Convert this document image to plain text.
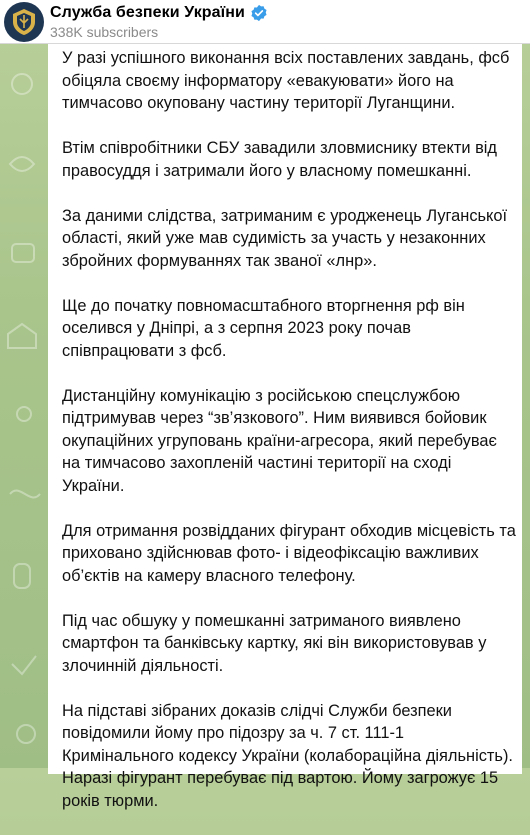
Служба безпеки України
338K subscribers

У разі успішного виконання всіх поставлених завдань, фсб обіцяла своєму інформатору «евакуювати» його на тимчасово окуповану частину території Луганщини.

Втім співробітники СБУ завадили зловмиснику втекти від правосуддя і затримали його у власному помешканні.

За даними слідства, затриманим є уродженець Луганської області, який уже мав судимість за участь у незаконних збройних формуваннях так званої «лнр».

Ще до початку повномасштабного вторгнення рф він оселився у Дніпрі, а з серпня 2023 року почав співпрацювати з фсб.

Дистанційну комунікацію з російською спецслужбою підтримував через “зв’язкового”. Ним виявився бойовик окупаційних угруповань країни-агресора, який перебуває на тимчасово захопленій частині території на сході України.

Для отримання розвідданих фігурант обходив місцевість та приховано здійснював фото- і відеофіксацію важливих об’єктів на камеру власного телефону.

Під час обшуку у помешканні затриманого виявлено смартфон та банківську картку, які він використовував у злочинній діяльності.

На підставі зібраних доказів слідчі Служби безпеки повідомили йому про підозру за ч. 7 ст. 111-1 Кримінального кодексу України (колабораційна діяльність). Наразі фігурант перебуває під вартою. Йому загрожує 15 років тюрми.
